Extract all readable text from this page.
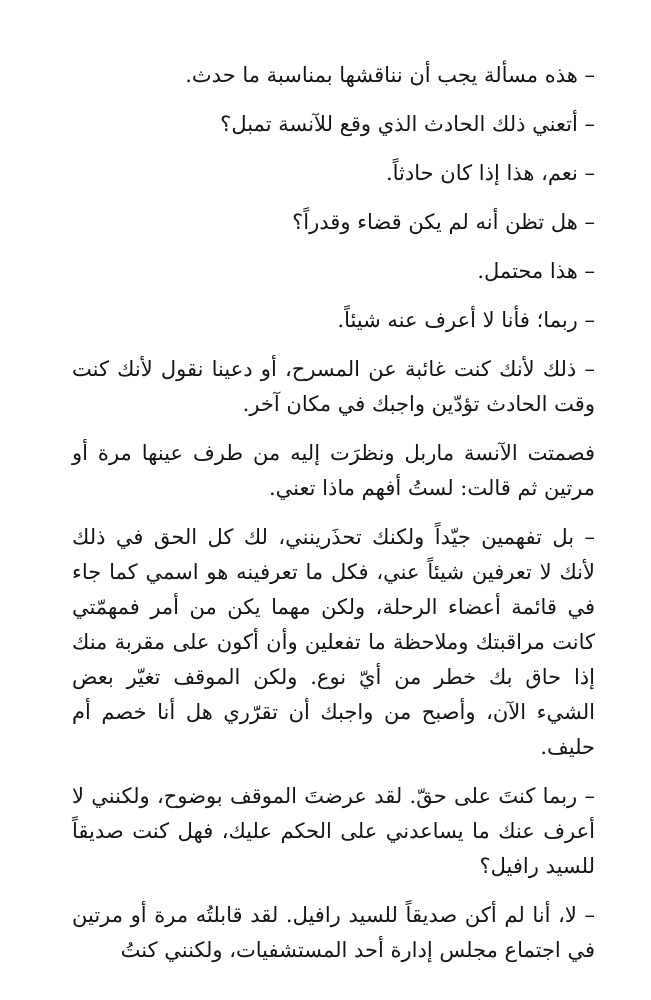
– هذه مسألة يجب أن نناقشها بمناسبة ما حدث.

– أتعني ذلك الحادث الذي وقع للآنسة تمبل؟

– نعم، هذا إذا كان حادثاً.

– هل تظن أنه لم يكن قضاء وقدراً؟

– هذا محتمل.

– ربما؛ فأنا لا أعرف عنه شيئاً.

– ذلك لأنك كنت غائبة عن المسرح، أو دعينا نقول لأنك كنت وقت الحادث تؤدّين واجبك في مكان آخر.

فصمتت الآنسة ماربل ونظرَت إليه من طرف عينها مرة أو مرتين ثم قالت: لستُ أفهم ماذا تعني.

– بل تفهمين جيّداً ولكنك تحذَرينني، لك كل الحق في ذلك لأنك لا تعرفين شيئاً عني، فكل ما تعرفينه هو اسمي كما جاء في قائمة أعضاء الرحلة، ولكن مهما يكن من أمر فمهمّتي كانت مراقبتك وملاحظة ما تفعلين وأن أكون على مقربة منك إذا حاق بك خطر من أيّ نوع. ولكن الموقف تغيّر بعض الشيء الآن، وأصبح من واجبك أن تقرّري هل أنا خصم أم حليف.

– ربما كنتَ على حقّ. لقد عرضتَ الموقف بوضوح، ولكنني لا أعرف عنك ما يساعدني على الحكم عليك، فهل كنت صديقاً للسيد رافيل؟

– لا، أنا لم أكن صديقاً للسيد رافيل. لقد قابلتُه مرة أو مرتين في اجتماع مجلس إدارة أحد المستشفيات، ولكنني كنتُ
